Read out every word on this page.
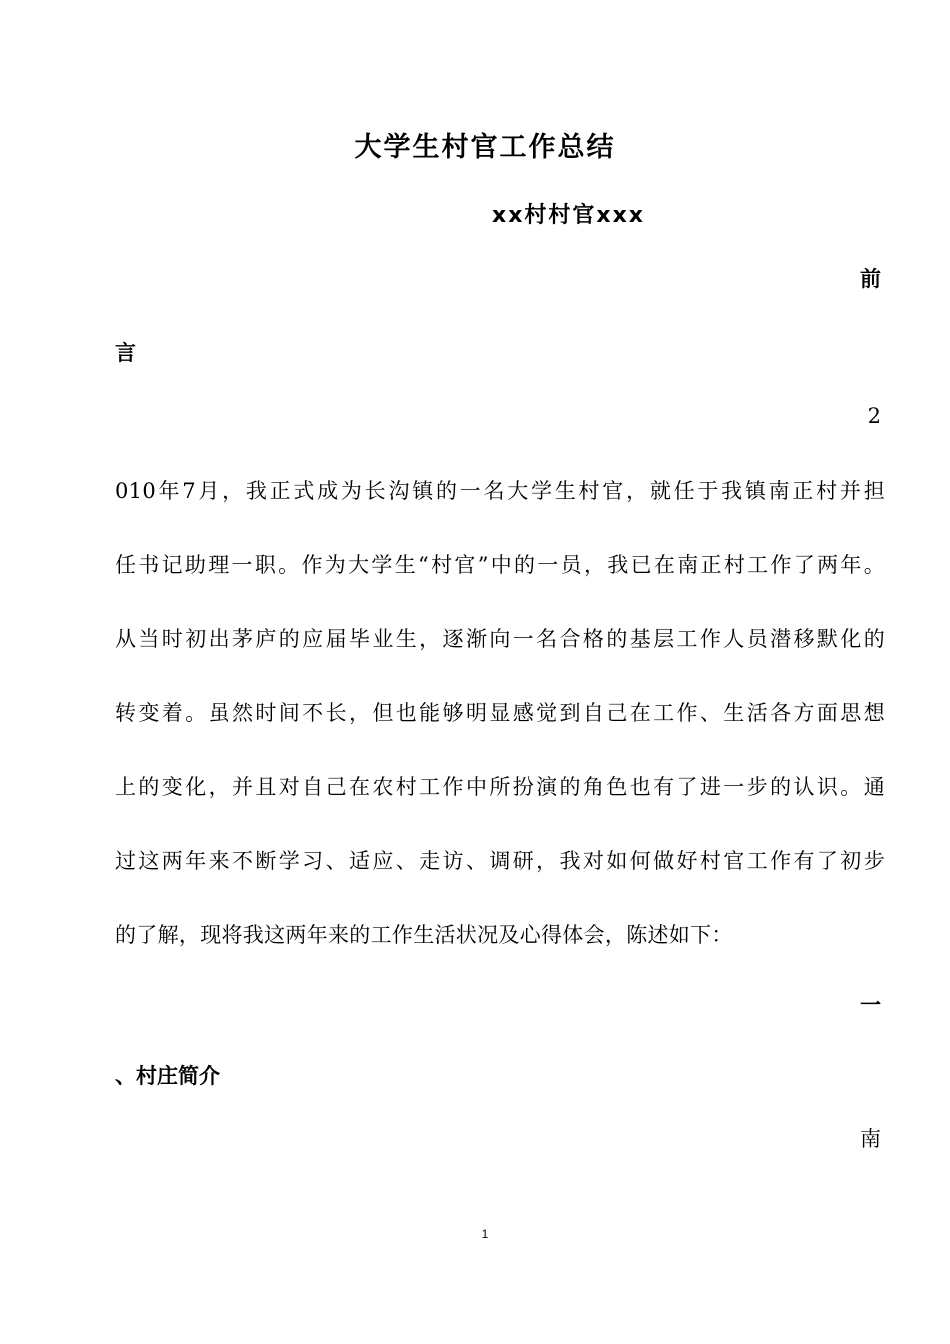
大学生村官工作总结
xx村村官xxx
前
言
2
010年7月，我正式成为长沟镇的一名大学生村官，就任于我镇南正村并担
任书记助理一职。作为大学生“村官”中的一员，我已在南正村工作了两年。
从当时初出茅庐的应届毕业生，逐渐向一名合格的基层工作人员潜移默化的
转变着。虽然时间不长，但也能够明显感觉到自己在工作、生活各方面思想
上的变化，并且对自己在农村工作中所扮演的角色也有了进一步的认识。通
过这两年来不断学习、适应、走访、调研，我对如何做好村官工作有了初步
的了解，现将我这两年来的工作生活状况及心得体会，陈述如下：
一
、村庄简介
南
1
